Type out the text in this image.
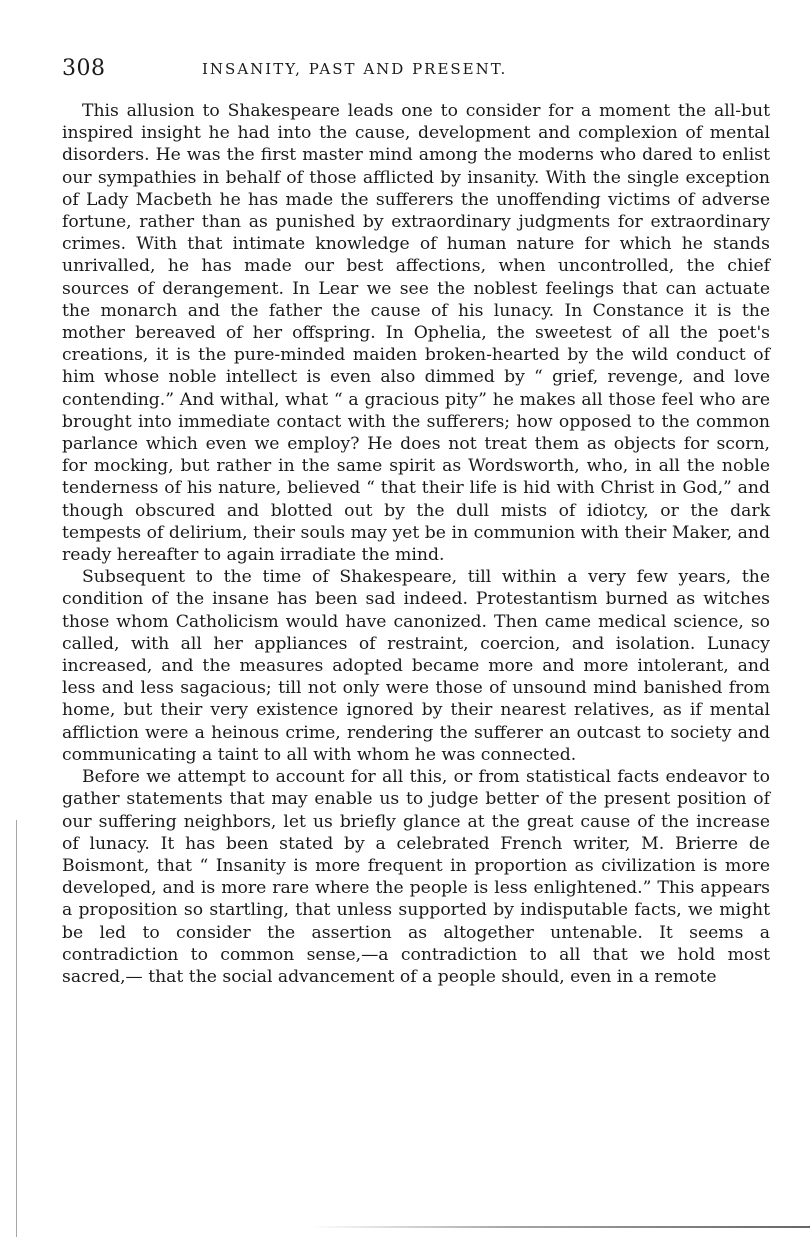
308	INSANITY, PAST AND PRESENT.

This allusion to Shakespeare leads one to consider for a moment the all-but inspired insight he had into the cause, development and complexion of mental disorders. He was the first master mind among the moderns who dared to enlist our sympathies in behalf of those afflicted by insanity. With the single exception of Lady Macbeth he has made the sufferers the unoffending victims of adverse fortune, rather than as punished by extraordinary judgments for extraordinary crimes. With that intimate knowledge of human nature for which he stands unrivalled, he has made our best affections, when uncontrolled, the chief sources of derangement. In Lear we see the noblest feelings that can actuate the monarch and the father the cause of his lunacy. In Constance it is the mother bereaved of her offspring. In Ophelia, the sweetest of all the poet's creations, it is the pure-minded maiden broken-hearted by the wild conduct of him whose noble intellect is even also dimmed by “ grief, revenge, and love contending.” And withal, what “ a gracious pity” he makes all those feel who are brought into immediate contact with the sufferers; how opposed to the common parlance which even we employ? He does not treat them as objects for scorn, for mocking, but rather in the same spirit as Wordsworth, who, in all the noble tenderness of his nature, believed “ that their life is hid with Christ in God,” and though obscured and blotted out by the dull mists of idiotcy, or the dark tempests of delirium, their souls may yet be in communion with their Maker, and ready hereafter to again irradiate the mind.

Subsequent to the time of Shakespeare, till within a very few years, the condition of the insane has been sad indeed. Protestantism burned as witches those whom Catholicism would have canonized. Then came medical science, so called, with all her appliances of restraint, coercion, and isolation. Lunacy increased, and the measures adopted became more and more intolerant, and less and less sagacious; till not only were those of unsound mind banished from home, but their very existence ignored by their nearest relatives, as if mental affliction were a heinous crime, rendering the sufferer an outcast to society and communicating a taint to all with whom he was connected.

Before we attempt to account for all this, or from statistical facts endeavor to gather statements that may enable us to judge better of the present position of our suffering neighbors, let us briefly glance at the great cause of the increase of lunacy. It has been stated by a celebrated French writer, M. Brierre de Boismont, that “ Insanity is more frequent in proportion as civilization is more developed, and is more rare where the people is less enlightened.” This appears a proposition so startling, that unless supported by indisputable facts, we might be led to consider the assertion as altogether untenable. It seems a contradiction to common sense,—a contradiction to all that we hold most sacred,— that the social advancement of a people should, even in a remote
